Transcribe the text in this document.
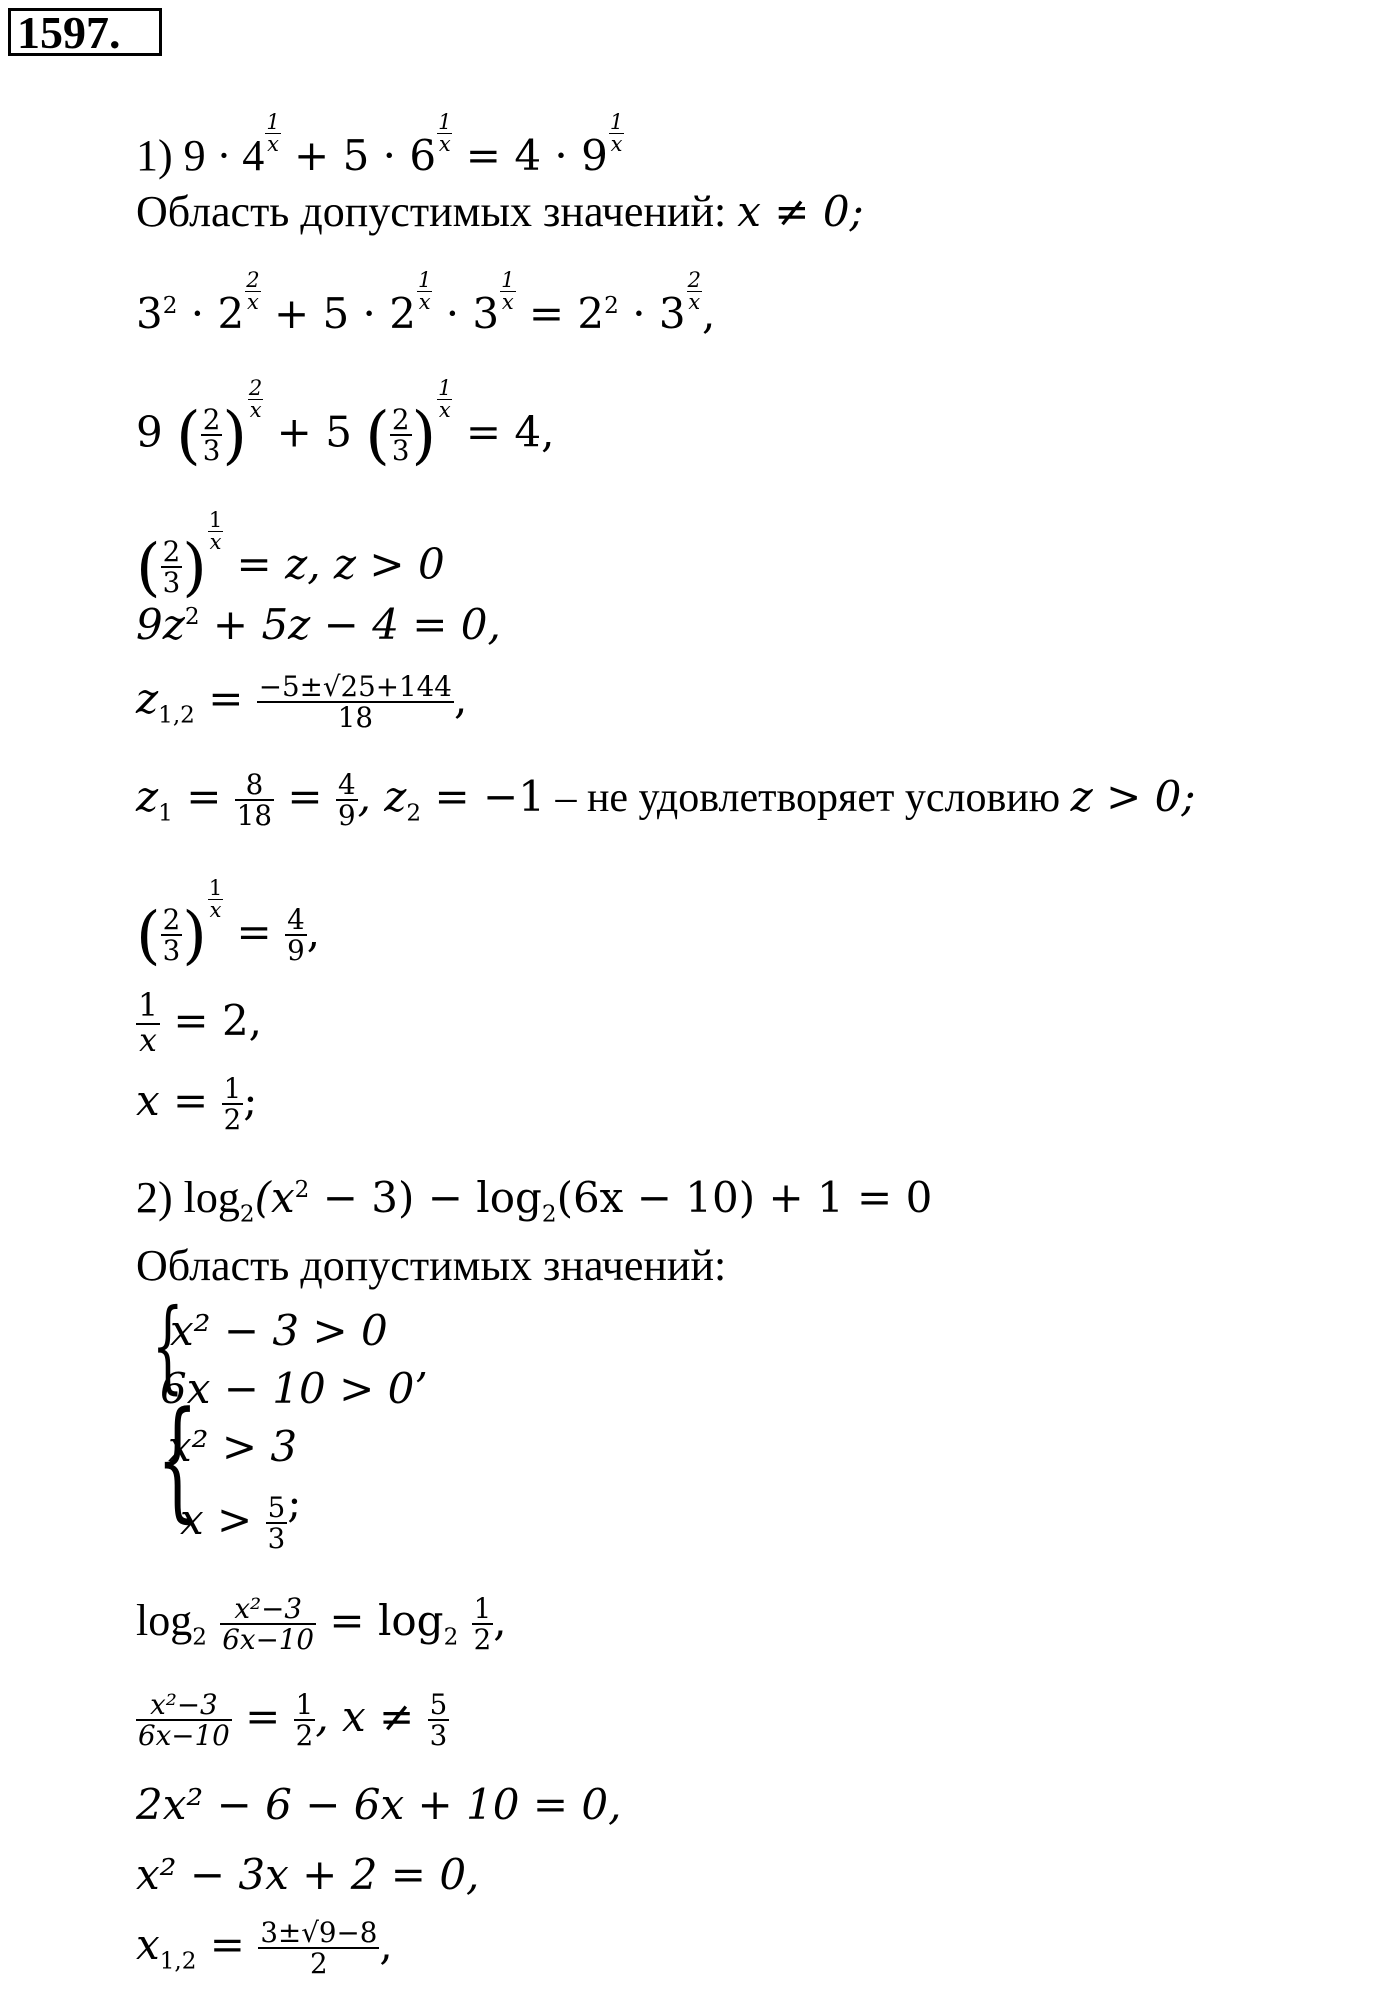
1597.
1) $9 \cdot 4 \frac{1}{x} + 5 \cdot 6 \frac{1}{x} = 4 \cdot 9 \frac{1}{x}$
Область допустимых значений: x ≠ 0;
$3^2 \cdot 2 \frac{2}{x} + 5 \cdot 2 \frac{1}{x} \cdot 3 \frac{1}{x} = 2^2 \cdot 3 \frac{2}{x}$ ,
9 ( $\frac{2}{3}$ ) $\frac{2}{x}$
+ 5 ( $\frac{2}{3}$ ) $\frac{1}{x}$
= 4,
( $\frac{2}{3}$ ) $\frac{1}{x}$
= z, z > 0
$9z^2 + 5z - 4 = 0$,
$z_{1,2} = \frac{-5\pm√25+144}{18}$ ,
$z_1 = \frac{8}{18} = \frac{4}{9}$ , $z_2 = -1$ – не удовлетворяет условию z > 0;
( $\frac{2}{3}$ ) $\frac{1}{x}$
= $\frac{4}{9}$ ,
$\frac{1}{x} = 2$,
$x = \frac{1}{2}$ ;
2) $\log_2(x^2 - 3) - \log_2(6x - 10) + 1 = 0$
Область допустимых значений:
{
x² − 3 > 0
6x − 10 > 0’
{
x² > 3
$x > \frac{5}{3}$ ;
$\log_2 \frac{\text{x²−3}}{6x-10} = \log_2 \frac{1}{2}$ ,
$\frac{\text{x²−3}}{6x-10} = \frac{1}{2}$ , $x \ne \frac{5}{3}$
2x² − 6 − 6x + 10 = 0,
x² − 3x + 2 = 0,
$x_{1,2} = \frac{3\pm√9-8}{2}$ ,
